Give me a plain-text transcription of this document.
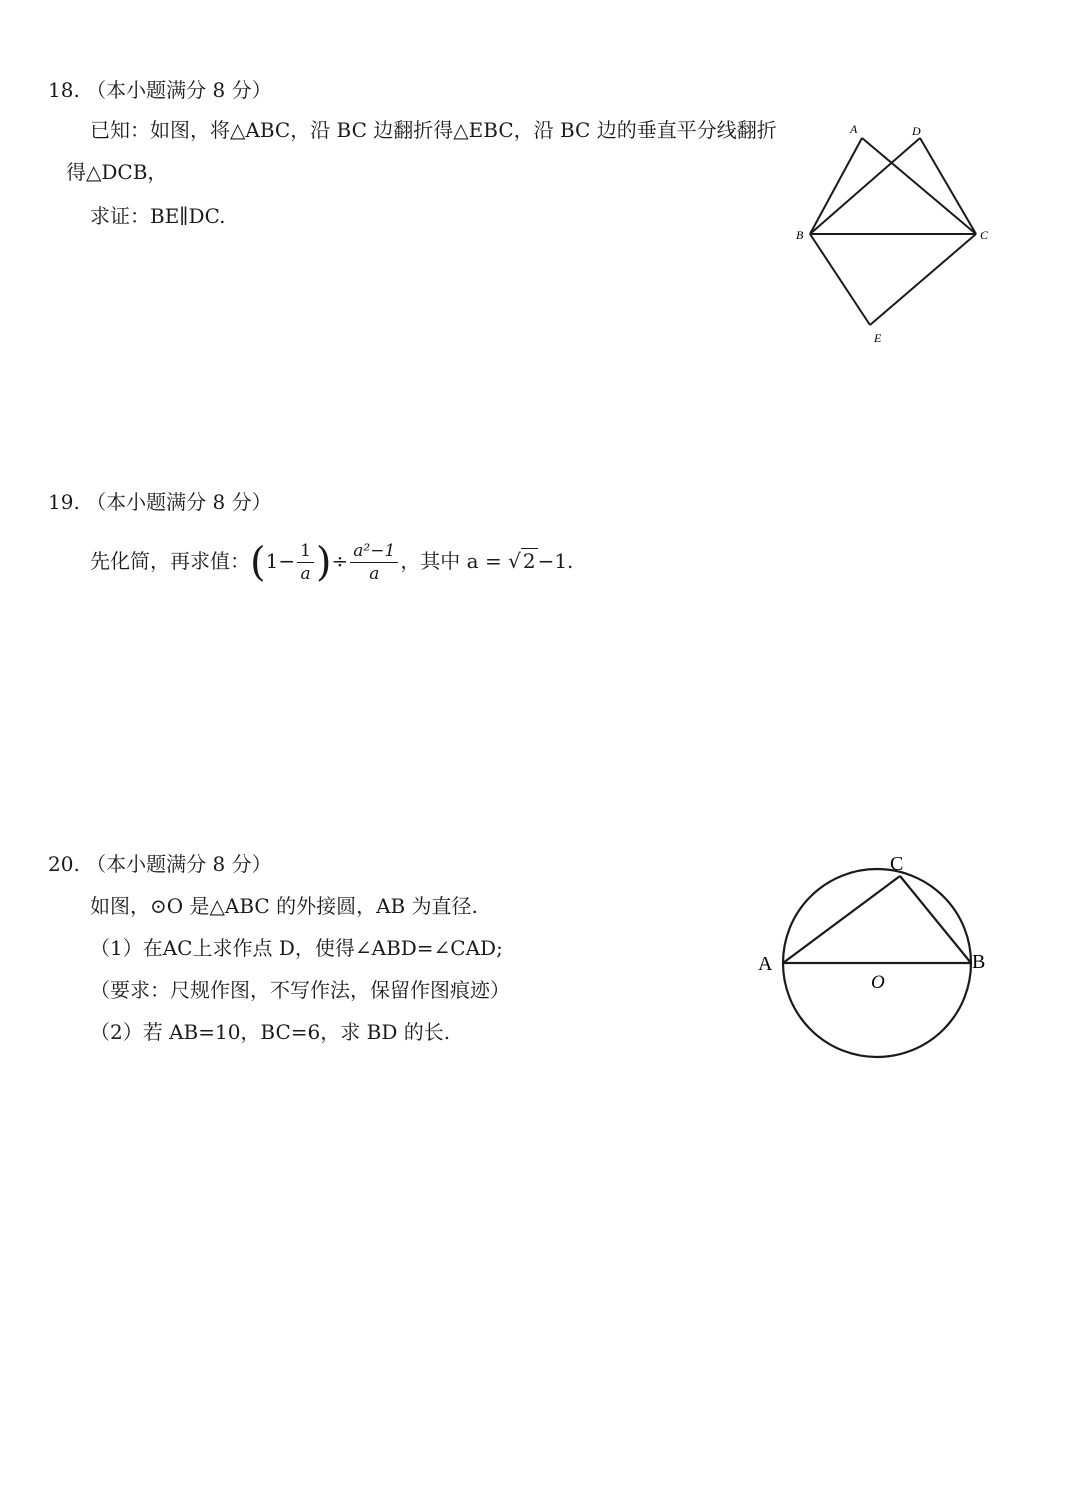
18. （本小题满分 8 分）
已知：如图，将△ABC，沿 BC 边翻折得△EBC，沿 BC 边的垂直平分线翻折
得△DCB，
求证：BE∥DC.
A	D
B	C
E
19. （本小题满分 8 分）
先化简，再求值：($1- \frac{1}{a}$ )÷ $\frac{\text{a²−1}}{a}$ ，其中 a = √ 2 −1.
20. （本小题满分 8 分）
如图，⊙O 是△ABC 的外接圆，AB 为直径.
（1）在AC上求作点 D，使得∠ABD=∠CAD;
（要求：尺规作图，不写作法，保留作图痕迹）
（2）若 AB=10，BC=6，求 BD 的长.
C
A	B
O
